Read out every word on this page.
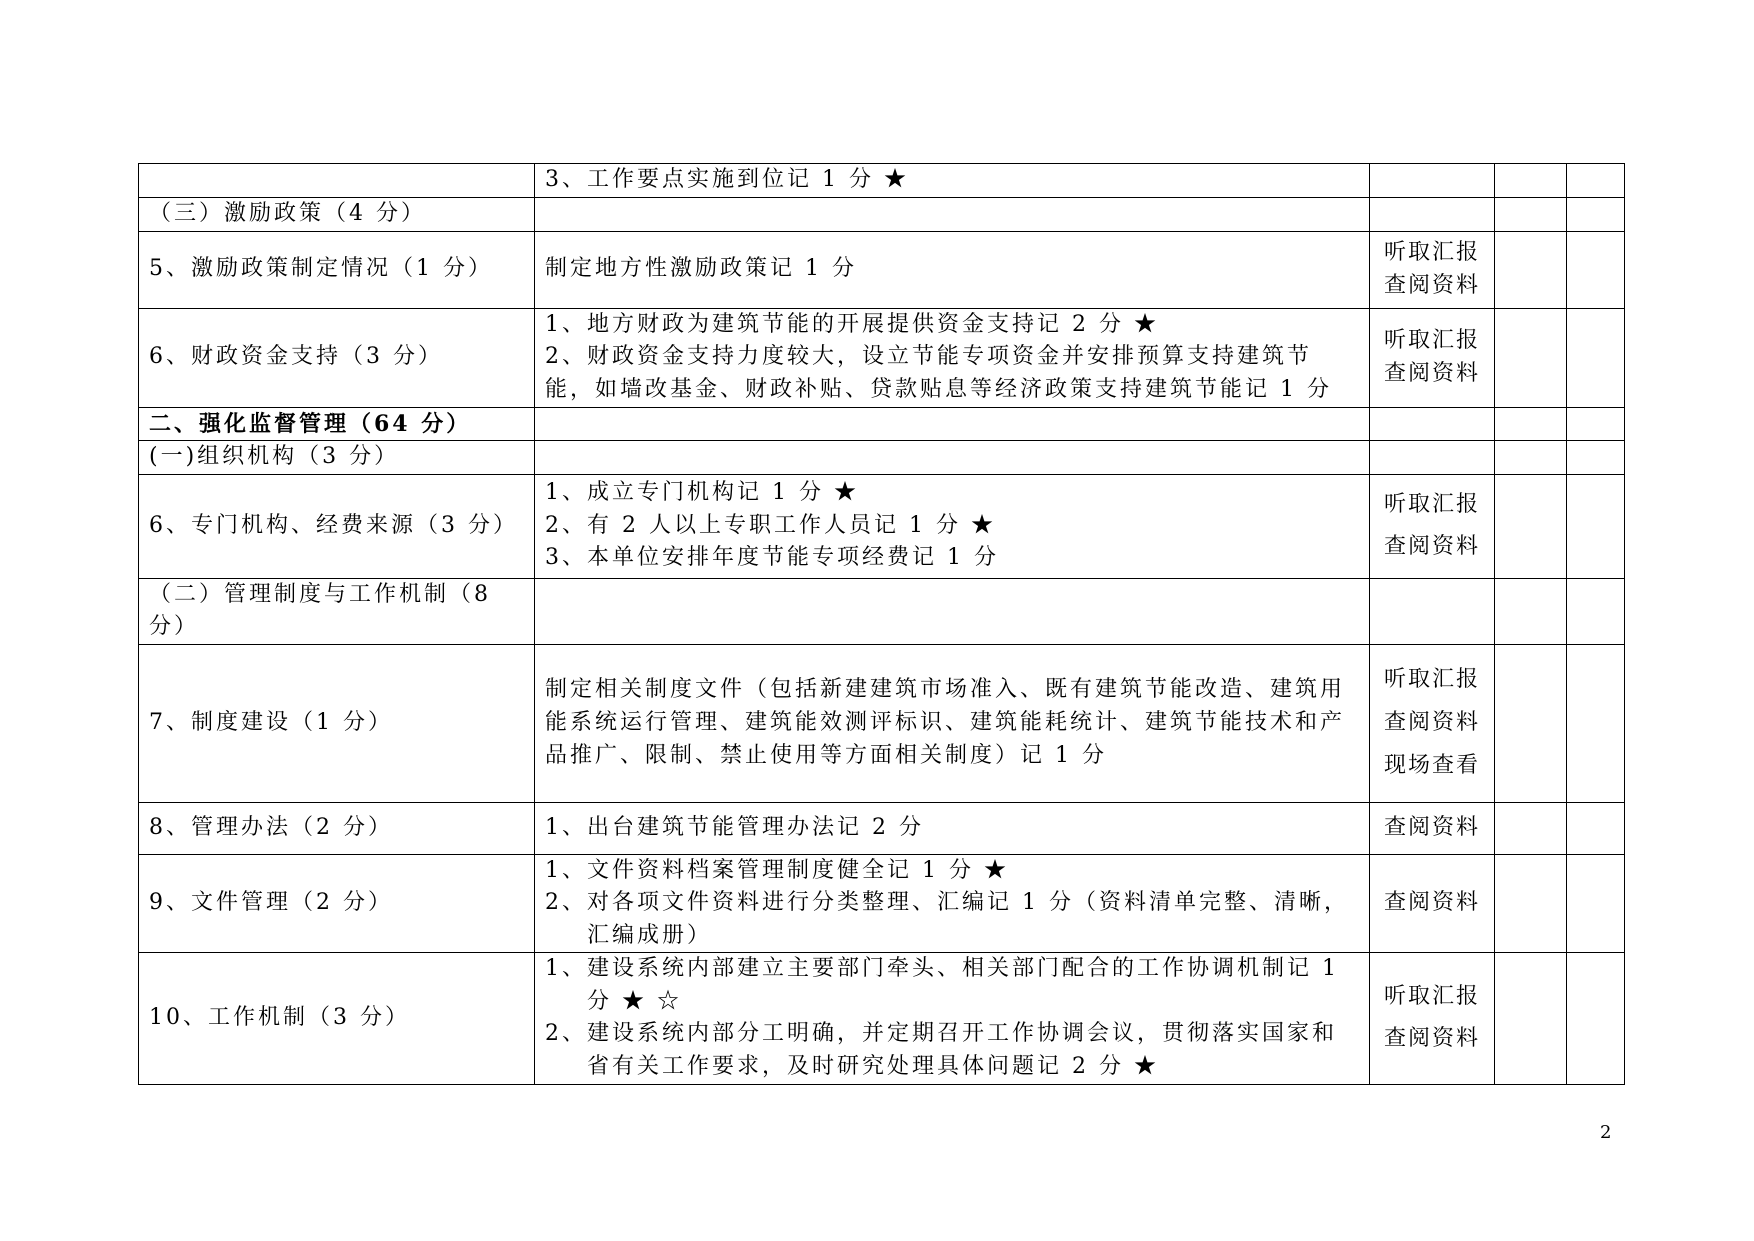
	3、工作要点实施到位记 1 分 ★			

（三）激励政策（4 分）				
5、激励政策制定情况（1 分）	制定地方性激励政策记 1 分	听取汇报
查阅资料		

6、财政资金支持（3 分）	1、地方财政为建筑节能的开展提供资金支持记 2 分 ★
2、财政资金支持力度较大，设立节能专项资金并安排预算支持建筑节能，如墙改基金、财政补贴、贷款贴息等经济政策支持建筑节能记 1 分	听取汇报
查阅资料		

二、强化监督管理（64 分）				
(一)组织机构（3 分）				
6、专门机构、经费来源（3 分）	1、成立专门机构记 1 分 ★
2、有 2 人以上专职工作人员记 1 分 ★
3、本单位安排年度节能专项经费记 1 分	听取汇报
查阅资料		

（二）管理制度与工作机制（8 分）				
7、制度建设（1 分）	制定相关制度文件（包括新建建筑市场准入、既有建筑节能改造、建筑用能系统运行管理、建筑能效测评标识、建筑能耗统计、建筑节能技术和产品推广、限制、禁止使用等方面相关制度）记 1 分	听取汇报
查阅资料
现场查看		

8、管理办法（2 分）	1、出台建筑节能管理办法记 2 分	查阅资料		

9、文件管理（2 分）	1、文件资料档案管理制度健全记 1 分 ★
2、对各项文件资料进行分类整理、汇编记 1 分（资料清单完整、清晰，汇编成册）	查阅资料		

10、工作机制（3 分）	1、建设系统内部建立主要部门牵头、相关部门配合的工作协调机制记 1 分 ★ ☆
2、建设系统内部分工明确，并定期召开工作协调会议，贯彻落实国家和省有关工作要求，及时研究处理具体问题记 2 分 ★	听取汇报
查阅资料		

2
